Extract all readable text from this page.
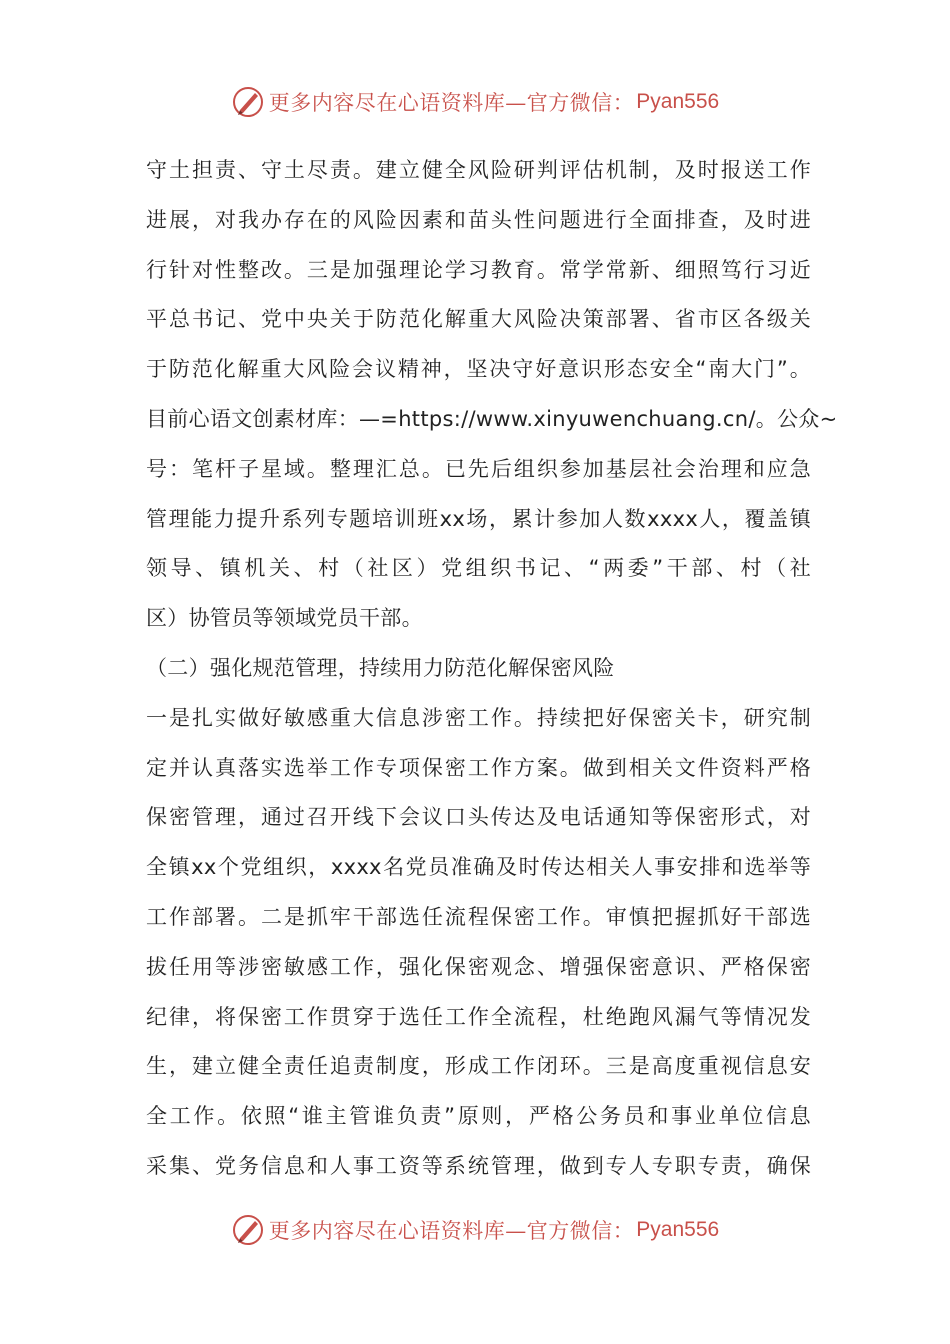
更多内容尽在心语资料库—官方微信： Pyan556
守土担责、守土尽责。建立健全风险研判评估机制，及时报送工作
进展，对我办存在的风险因素和苗头性问题进行全面排查，及时进
行针对性整改。三是加强理论学习教育。常学常新、细照笃行习近
平总书记、党中央关于防范化解重大风险决策部署、省市区各级关
于防范化解重大风险会议精神，坚决守好意识形态安全“南大门”。
目前心语文创素材库：—=https://www.xinyuwenchuang.cn/。公众~
号：笔杆子星域。整理汇总。已先后组织参加基层社会治理和应急
管理能力提升系列专题培训班xx场，累计参加人数xxxx人，覆盖镇
领导、镇机关、村（社区）党组织书记、“两委”干部、村（社
区）协管员等领域党员干部。
（二）强化规范管理，持续用力防范化解保密风险
一是扎实做好敏感重大信息涉密工作。持续把好保密关卡，研究制
定并认真落实选举工作专项保密工作方案。做到相关文件资料严格
保密管理，通过召开线下会议口头传达及电话通知等保密形式，对
全镇xx个党组织，xxxx名党员准确及时传达相关人事安排和选举等
工作部署。二是抓牢干部选任流程保密工作。审慎把握抓好干部选
拔任用等涉密敏感工作，强化保密观念、增强保密意识、严格保密
纪律，将保密工作贯穿于选任工作全流程，杜绝跑风漏气等情况发
生，建立健全责任追责制度，形成工作闭环。三是高度重视信息安
全工作。依照“谁主管谁负责”原则，严格公务员和事业单位信息
采集、党务信息和人事工资等系统管理，做到专人专职专责，确保
更多内容尽在心语资料库—官方微信： Pyan556
